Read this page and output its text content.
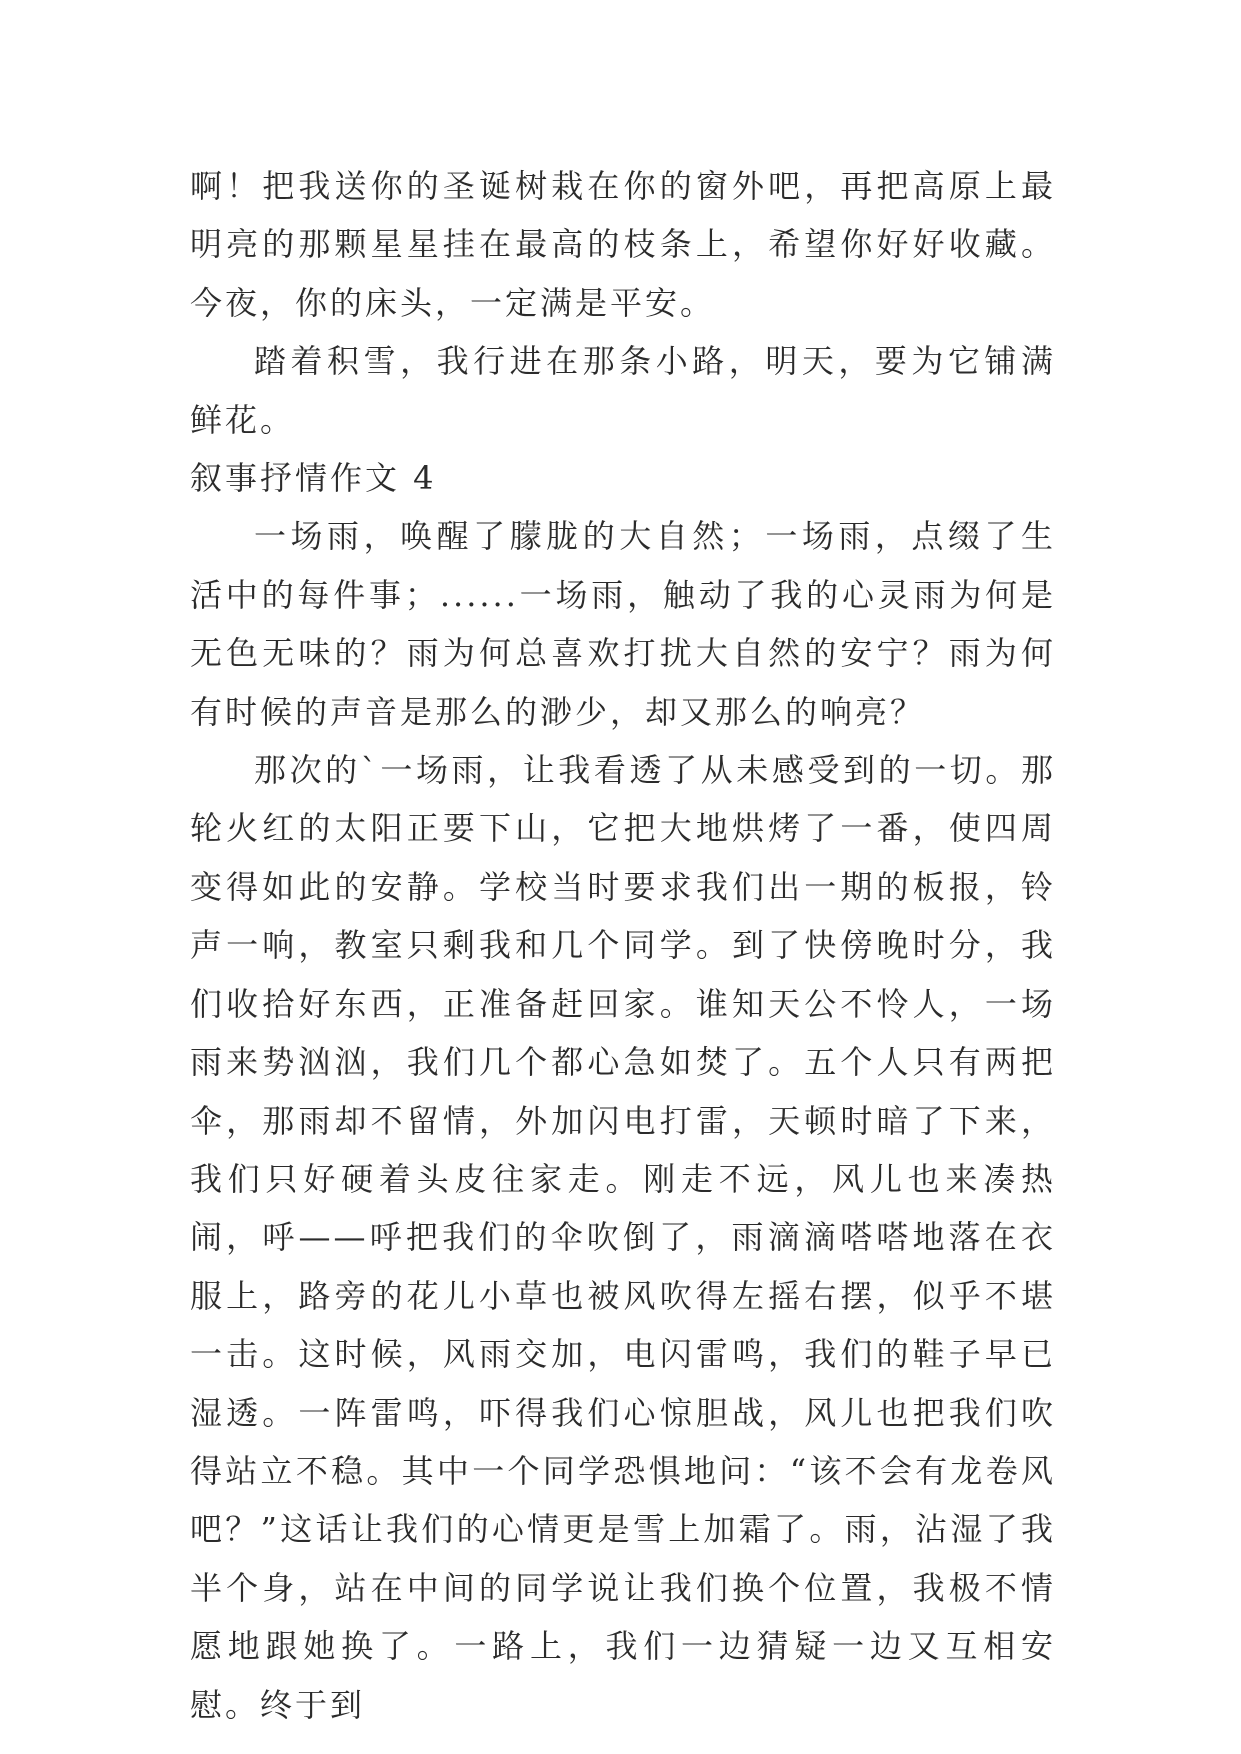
啊！把我送你的圣诞树栽在你的窗外吧，再把高原上最明亮的那颗星星挂在最高的枝条上，希望你好好收藏。今夜，你的床头，一定满是平安。

踏着积雪，我行进在那条小路，明天，要为它铺满鲜花。

叙事抒情作文 4

一场雨，唤醒了朦胧的大自然；一场雨，点缀了生活中的每件事；......一场雨，触动了我的心灵雨为何是无色无味的？雨为何总喜欢打扰大自然的安宁？雨为何有时候的声音是那么的渺少，却又那么的响亮？

那次的`一场雨，让我看透了从未感受到的一切。那轮火红的太阳正要下山，它把大地烘烤了一番，使四周变得如此的安静。学校当时要求我们出一期的板报，铃声一响，教室只剩我和几个同学。到了快傍晚时分，我们收拾好东西，正准备赶回家。谁知天公不怜人，一场雨来势汹汹，我们几个都心急如焚了。五个人只有两把伞，那雨却不留情，外加闪电打雷，天顿时暗了下来，我们只好硬着头皮往家走。刚走不远，风儿也来凑热闹，呼——呼把我们的伞吹倒了，雨滴滴嗒嗒地落在衣服上，路旁的花儿小草也被风吹得左摇右摆，似乎不堪一击。这时候，风雨交加，电闪雷鸣，我们的鞋子早已湿透。一阵雷鸣，吓得我们心惊胆战，风儿也把我们吹得站立不稳。其中一个同学恐惧地问：“该不会有龙卷风吧？”这话让我们的心情更是雪上加霜了。雨，沾湿了我半个身，站在中间的同学说让我们换个位置，我极不情愿地跟她换了。一路上，我们一边猜疑一边又互相安慰。终于到
